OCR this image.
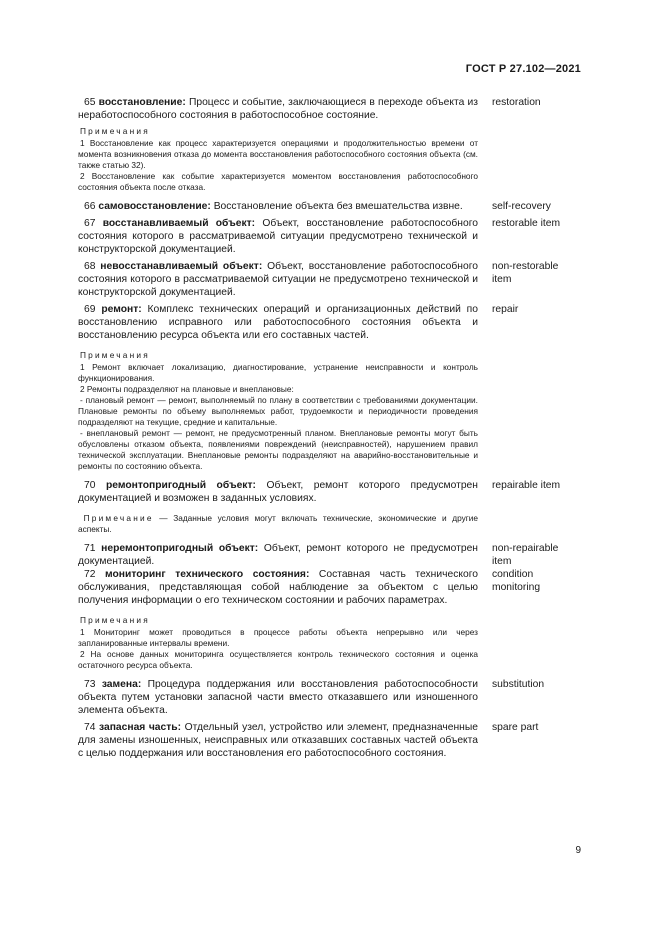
ГОСТ Р 27.102—2021
65 восстановление: Процесс и событие, заключающиеся в переходе объекта из неработоспособного состояния в работоспособное состояние.
restoration
Примечания
1 Восстановление как процесс характеризуется операциями и продолжительностью времени от момента возникновения отказа до момента восстановления работоспособного состояния объекта (см. также статью 32).
2 Восстановление как событие характеризуется моментом восстановления работоспособного состояния объекта после отказа.
66 самовосстановление: Восстановление объекта без вмешательства извне.	self-recovery
67 восстанавливаемый объект: Объект, восстановление работоспособного состояния которого в рассматриваемой ситуации предусмотрено технической и конструкторской документацией.
restorable item
68 невосстанавливаемый объект: Объект, восстановление работоспособного состояния которого в рассматриваемой ситуации не предусмотрено технической и конструкторской документацией.
non-restorable item
69 ремонт: Комплекс технических операций и организационных действий по восстановлению исправного или работоспособного состояния объекта и восстановлению ресурса объекта или его составных частей.
repair
Примечания
1 Ремонт включает локализацию, диагностирование, устранение неисправности и контроль функционирования.
2 Ремонты подразделяют на плановые и внеплановые:
- плановый ремонт — ремонт, выполняемый по плану в соответствии с требованиями документации. Плановые ремонты по объему выполняемых работ, трудоемкости и периодичности проведения подразделяют на текущие, средние и капитальные.
- внеплановый ремонт — ремонт, не предусмотренный планом. Внеплановые ремонты могут быть обусловлены отказом объекта, появлениями повреждений (неисправностей), нарушением правил технической эксплуатации. Внеплановые ремонты подразделяют на аварийно-восстановительные и ремонты по состоянию объекта.
70 ремонтопригодный объект: Объект, ремонт которого предусмотрен документацией и возможен в заданных условиях.
repairable item
Примечание — Заданные условия могут включать технические, экономические и другие аспекты.
71 неремонтопригодный объект: Объект, ремонт которого не предусмотрен документацией.
non-repairable item
72 мониторинг технического состояния: Составная часть технического обслуживания, представляющая собой наблюдение за объектом с целью получения информации о его техническом состоянии и рабочих параметрах.
condition monitoring
Примечания
1 Мониторинг может проводиться в процессе работы объекта непрерывно или через запланированные интервалы времени.
2 На основе данных мониторинга осуществляется контроль технического состояния и оценка остаточного ресурса объекта.
73 замена: Процедура поддержания или восстановления работоспособности объекта путем установки запасной части вместо отказавшего или изношенного элемента объекта.
substitution
74 запасная часть: Отдельный узел, устройство или элемент, предназначенные для замены изношенных, неисправных или отказавших составных частей объекта с целью поддержания или восстановления его работоспособного состояния.
spare part
9
